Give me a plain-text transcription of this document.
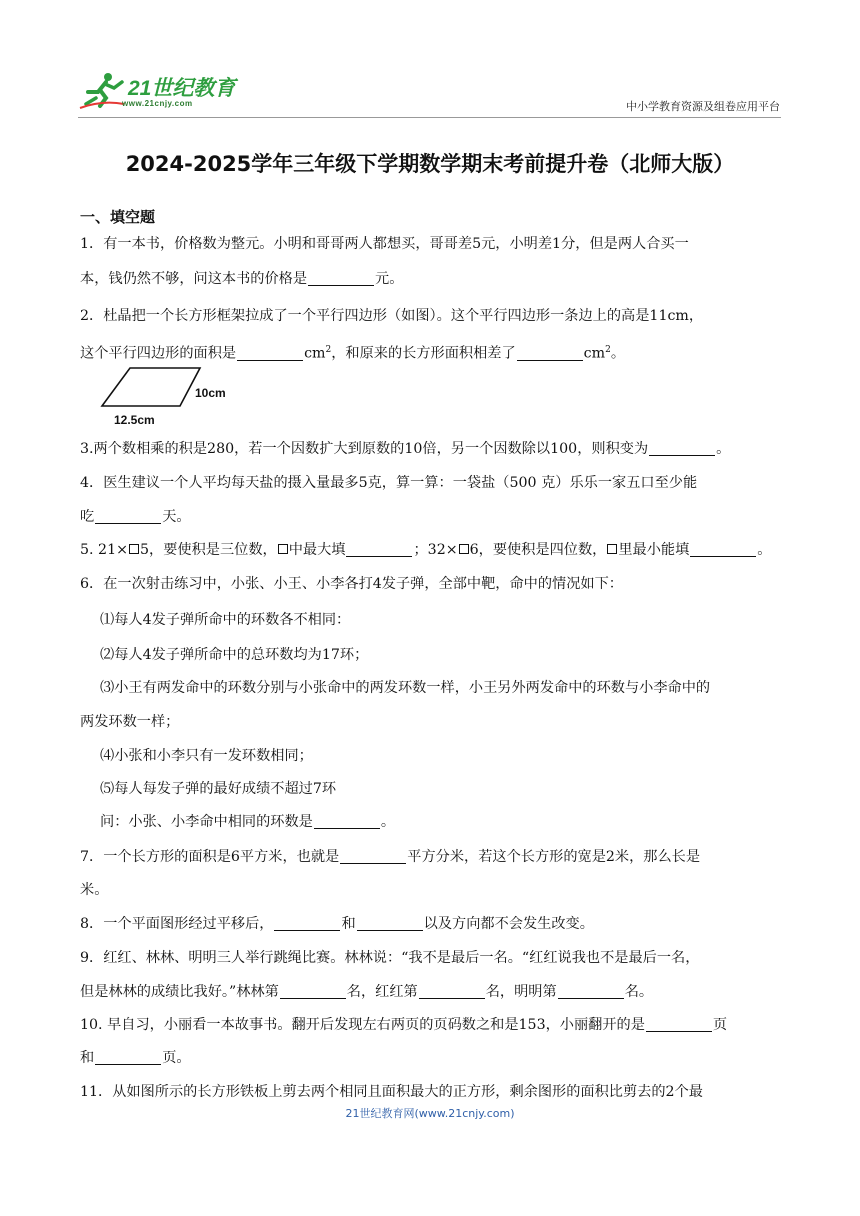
21世纪教育
www.21cnjy.com	中小学教育资源及组卷应用平台
2024-2025学年三年级下学期数学期末考前提升卷（北师大版）
一、填空题
1．有一本书，价格数为整元。小明和哥哥两人都想买，哥哥差5元，小明差1分，但是两人合买一
本，钱仍然不够，问这本书的价格是	元。
2．杜晶把一个长方形框架拉成了一个平行四边形（如图）。这个平行四边形一条边上的高是11cm，
这个平行四边形的面积是	$cm^2$，和原来的长方形面积相差了	$cm^2$。
10cm
12.5cm
3.两个数相乘的积是280，若一个因数扩大到原数的10倍，另一个因数除以100，则积变为	。
4．医生建议一个人平均每天盐的摄入量最多5克，算一算：一袋盐（500 克）乐乐一家五口至少能
吃	天。
5. 21× 5，要使积是三位数， 中最大填	；32× 6，要使积是四位数， 里最小能填	。
6．在一次射击练习中，小张、小王、小李各打4发子弹，全部中靶，命中的情况如下：
⑴每人4发子弹所命中的环数各不相同：
⑵每人4发子弹所命中的总环数均为17环；
⑶小王有两发命中的环数分别与小张命中的两发环数一样，小王另外两发命中的环数与小李命中的
两发环数一样；
⑷小张和小李只有一发环数相同；
⑸每人每发子弹的最好成绩不超过7环
问：小张、小李命中相同的环数是	。
7．一个长方形的面积是6平方米，也就是	平方分米，若这个长方形的宽是2米，那么长是
米。
8．一个平面图形经过平移后，	和	以及方向都不会发生改变。
9．红红、林林、明明三人举行跳绳比赛。林林说：“我不是最后一名。“红红说我也不是最后一名，
但是林林的成绩比我好。”林林第	名，红红第	名，明明第	名。
10. 早自习，小丽看一本故事书。翻开后发现左右两页的页码数之和是153，小丽翻开的是	页
和	页。
11．从如图所示的长方形铁板上剪去两个相同且面积最大的正方形，剩余图形的面积比剪去的2个最
21世纪教育网(www.21cnjy.com)
